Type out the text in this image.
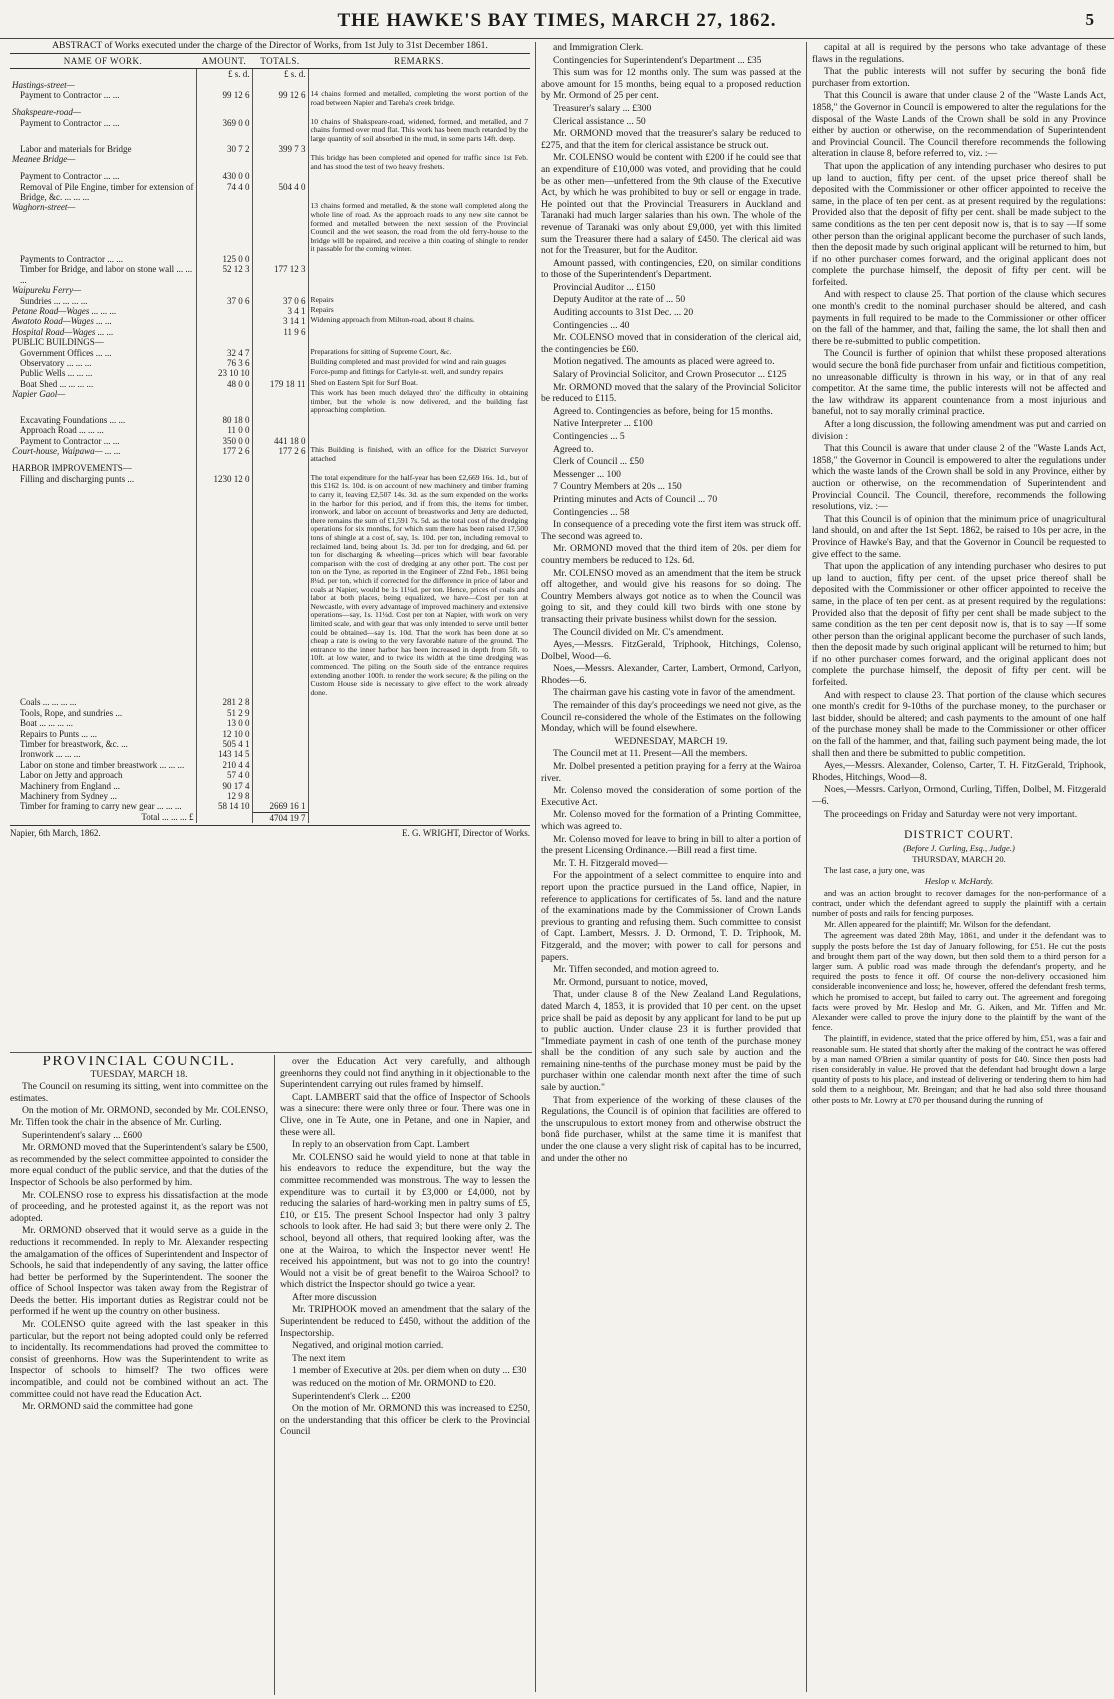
THE HAWKE'S BAY TIMES, MARCH 27, 1862.	5
ABSTRACT of Works executed under the charge of the Director of Works, from 1st July to 31st December 1861.
NAME OF WORK.	AMOUNT.	TOTALS.	REMARKS.
	£ s. d.	£ s. d.	
Hastings-street—			
Payment to Contractor ... ...	99 12 6	99 12 6	14 chains formed and metalled, completing the worst portion of the road between Napier and Tareha's creek bridge.
Shakspeare-road—			
Payment to Contractor ... ...	369 0 0		10 chains of Shakspeare-road, widened, formed, and metalled, and 7 chains formed over mud flat. This work has been much retarded by the large quantity of soil absorbed in the mud, in some parts 14ft. deep.
Labor and materials for Bridge	30 7 2	399 7 3	
Meanee Bridge—			This bridge has been completed and opened for traffic since 1st Feb. and has stood the test of two heavy freshets.
Payment to Contractor ... ...	430 0 0		
Removal of Pile Engine, timber for extension of Bridge, &c. ... ... ...	74 4 0	504 4 0	
Waghorn-street—			13 chains formed and metalled, & the stone wall completed along the whole line of road. As the approach roads to any new site cannot be formed and metalled between the next session of the Provincial Council and the wet season, the road from the old ferry-house to the bridge will be repaired, and receive a thin coating of shingle to render it passable for the coming winter.
Payments to Contractor ... ...	125 0 0		
Timber for Bridge, and labor on stone wall ... ... ...	52 12 3	177 12 3	
Waipureku Ferry—			
Sundries ... ... ... ...	37 0 6	37 0 6	Repairs
Petane Road—Wages ... ... ...		3 4 1	Repairs
Awatoto Road—Wages ... ...		3 14 1	Widening approach from Milton-road, about 8 chains.
Hospital Road—Wages ... ...		11 9 6	
PUBLIC BUILDINGS—			
Government Offices ... ...	32 4 7		Preparations for sitting of Supreme Court, &c.
Observatory ... ... ...	76 3 6		Building completed and mast provided for wind and rain guages
Public Wells ... ... ...	23 10 10		Force-pump and fittings for Carlyle-st. well, and sundry repairs
Boat Shed ... ... ... ...	48 0 0	179 18 11	Shed on Eastern Spit for Surf Boat.
Napier Gaol—			This work has been much delayed thro' the difficulty in obtaining timber, but the whole is now delivered, and the building fast approaching completion.
Excavating Foundations ... ...	80 18 0		
Approach Road ... ... ...	11 0 0		
Payment to Contractor ... ...	350 0 0	441 18 0	
Court-house, Waipawa— ... ...	177 2 6	177 2 6	This Building is finished, with an office for the District Surveyor attached
HARBOR IMPROVEMENTS—			
Filling and discharging punts ...	1230 12 0		The total expenditure for the half-year has been £2,669 16s. 1d., but of this £162 1s. 10d. is on account of new machinery and timber framing to carry it, leaving £2,507 14s. 3d. as the sum expended on the works in the harbor for this period, and if from this, the items for timber, ironwork, and labor on account of breastworks and Jetty are deducted, there remains the sum of £1,591 7s. 5d. as the total cost of the dredging operations for six months, for which sum there has been raised 17,500 tons of shingle at a cost of, say, 1s. 10d. per ton, including removal to reclaimed land, being about 1s. 3d. per ton for dredging, and 6d. per ton for discharging & wheeling—prices which will bear favorable comparison with the cost of dredging at any other port. The cost per ton on the Tyne, as reported in the Engineer of 22nd Feb., 1861 being 8¼d. per ton, which if corrected for the difference in price of labor and coals at Napier, would be 1s 11¼d. per ton. Hence, prices of coals and labor at both places, being equalized, we have—Cost per ton at Newcastle, with every advantage of improved machinery and extensive operations—say, 1s. 11¼d. Cost per ton at Napier, with work on very limited scale, and with gear that was only intended to serve until better could be obtained—say 1s. 10d. That the work has been done at so cheap a rate is owing to the very favorable nature of the ground. The entrance to the inner harbor has been increased in depth from 5ft. to 10ft. at low water, and to twice its width at the time dredging was commenced. The piling on the South side of the entrance requires extending another 100ft. to render the work secure; & the piling on the Custom House side is necessary to give effect to the work already done.
Coals ... ... ... ...	281 2 8		
Tools, Rope, and sundries ...	51 2 9		
Boat ... ... ... ...	13 0 0		
Repairs to Punts ... ...	12 10 0		
Timber for breastwork, &c. ...	505 4 1		
Ironwork ... ... ...	143 14 5		
Labor on stone and timber breastwork ... ... ...	210 4 4		
Labor on Jetty and approach	57 4 0		
Machinery from England ...	90 17 4		
Machinery from Sydney ...	12 9 8		
Timber for framing to carry new gear ... ... ...	58 14 10	2669 16 1	
Total ... ... ... £		4704 19 7	
Napier, 6th March, 1862.	E. G. WRIGHT, Director of Works.

PROVINCIAL COUNCIL.

TUESDAY, MARCH 18.

The Council on resuming its sitting, went into committee on the estimates.

On the motion of Mr. ORMOND, seconded by Mr. COLENSO, Mr. Tiffen took the chair in the absence of Mr. Curling.

Superintendent's salary ... £600

Mr. ORMOND moved that the Superintendent's salary be £500, as recommended by the select committee appointed to consider the more equal conduct of the public service, and that the duties of the Inspector of Schools be also performed by him.

Mr. COLENSO rose to express his dissatisfaction at the mode of proceeding, and he protested against it, as the report was not adopted.

Mr. ORMOND observed that it would serve as a guide in the reductions it recommended. In reply to Mr. Alexander respecting the amalgamation of the offices of Superintendent and Inspector of Schools, he said that independently of any saving, the latter office had better be performed by the Superintendent. The sooner the office of School Inspector was taken away from the Registrar of Deeds the better. His important duties as Registrar could not be performed if he went up the country on other business.

Mr. COLENSO quite agreed with the last speaker in this particular, but the report not being adopted could only be referred to incidentally. Its recommendations had proved the committee to consist of greenhorns. How was the Superintendent to write as Inspector of schools to himself? The two offices were incompatible, and could not be combined without an act. The committee could not have read the Education Act.

Mr. ORMOND said the committee had gone

over the Education Act very carefully, and although greenhorns they could not find anything in it objectionable to the Superintendent carrying out rules framed by himself.

Capt. LAMBERT said that the office of Inspector of Schools was a sinecure: there were only three or four. There was one in Clive, one in Te Aute, one in Petane, and one in Napier, and these were all.

In reply to an observation from Capt. Lambert

Mr. COLENSO said he would yield to none at that table in his endeavors to reduce the expenditure, but the way the committee recommended was monstrous. The way to lessen the expenditure was to curtail it by £3,000 or £4,000, not by reducing the salaries of hard-working men in paltry sums of £5, £10, or £15. The present School Inspector had only 3 paltry schools to look after. He had said 3; but there were only 2. The school, beyond all others, that required looking after, was the one at the Wairoa, to which the Inspector never went! He received his appointment, but was not to go into the country! Would not a visit be of great benefit to the Wairoa School? to which district the Inspector should go twice a year.

After more discussion

Mr. TRIPHOOK moved an amendment that the salary of the Superintendent be reduced to £450, without the addition of the Inspectorship.

Negatived, and original motion carried.

The next item

1 member of Executive at 20s. per diem when on duty ... £30

was reduced on the motion of Mr. ORMOND to £20.

Superintendent's Clerk ... £200

On the motion of Mr. ORMOND this was increased to £250, on the understanding that this officer be clerk to the Provincial Council

and Immigration Clerk.

Contingencies for Superintendent's Department ... £35

This sum was for 12 months only. The sum was passed at the above amount for 15 months, being equal to a proposed reduction by Mr. Ormond of 25 per cent.

Treasurer's salary ... £300

Clerical assistance ... 50

Mr. ORMOND moved that the treasurer's salary be reduced to £275, and that the item for clerical assistance be struck out.

Mr. COLENSO would be content with £200 if he could see that an expenditure of £10,000 was voted, and providing that he could be as other men—unfettered from the 9th clause of the Executive Act, by which he was prohibited to buy or sell or engage in trade. He pointed out that the Provincial Treasurers in Auckland and Taranaki had much larger salaries than his own. The whole of the revenue of Taranaki was only about £9,000, yet with this limited sum the Treasurer there had a salary of £450. The clerical aid was not for the Treasurer, but for the Auditor.

Amount passed, with contingencies, £20, on similar conditions to those of the Superintendent's Department.

Provincial Auditor ... £150

Deputy Auditor at the rate of ... 50

Auditing accounts to 31st Dec. ... 20

Contingencies ... 40

Mr. COLENSO moved that in consideration of the clerical aid, the contingencies be £60.

Motion negatived. The amounts as placed were agreed to.

Salary of Provincial Solicitor, and Crown Prosecutor ... £125

Mr. ORMOND moved that the salary of the Provincial Solicitor be reduced to £115.

Agreed to. Contingencies as before, being for 15 months.

Native Interpreter ... £100

Contingencies ... 5

Agreed to.

Clerk of Council ... £50

Messenger ... 100

7 Country Members at 20s ... 150

Printing minutes and Acts of Council ... 70

Contingencies ... 58

In consequence of a preceding vote the first item was struck off. The second was agreed to.

Mr. ORMOND moved that the third item of 20s. per diem for country members be reduced to 12s. 6d.

Mr. COLENSO moved as an amendment that the item be struck off altogether, and would give his reasons for so doing. The Country Members always got notice as to when the Council was going to sit, and they could kill two birds with one stone by transacting their private business whilst down for the session.

The Council divided on Mr. C's amendment.

Ayes,—Messrs. FitzGerald, Triphook, Hitchings, Colenso, Dolbel, Wood—6.

Noes,—Messrs. Alexander, Carter, Lambert, Ormond, Carlyon, Rhodes—6.

The chairman gave his casting vote in favor of the amendment.

The remainder of this day's proceedings we need not give, as the Council re-considered the whole of the Estimates on the following Monday, which will be found elsewhere.

WEDNESDAY, MARCH 19.

The Council met at 11. Present—All the members.

Mr. Dolbel presented a petition praying for a ferry at the Wairoa river.

Mr. Colenso moved the consideration of some portion of the Executive Act.

Mr. Colenso moved for the formation of a Printing Committee, which was agreed to.

Mr. Colenso moved for leave to bring in bill to alter a portion of the present Licensing Ordinance.—Bill read a first time.

Mr. T. H. Fitzgerald moved—

For the appointment of a select committee to enquire into and report upon the practice pursued in the Land office, Napier, in reference to applications for certificates of 5s. land and the nature of the examinations made by the Commissioner of Crown Lands previous to granting and refusing them. Such committee to consist of Capt. Lambert, Messrs. J. D. Ormond, T. D. Triphook, M. Fitzgerald, and the mover; with power to call for persons and papers.

Mr. Tiffen seconded, and motion agreed to.

Mr. Ormond, pursuant to notice, moved,

That, under clause 8 of the New Zealand Land Regulations, dated March 4, 1853, it is provided that 10 per cent. on the upset price shall be paid as deposit by any applicant for land to be put up to public auction. Under clause 23 it is further provided that "Immediate payment in cash of one tenth of the purchase money shall be the condition of any such sale by auction and the remaining nine-tenths of the purchase money must be paid by the purchaser within one calendar month next after the time of such sale by auction."

That from experience of the working of these clauses of the Regulations, the Council is of opinion that facilities are offered to the unscrupulous to extort money from and otherwise obstruct the bonâ fide purchaser, whilst at the same time it is manifest that under the one clause a very slight risk of capital has to be incurred, and under the other no

capital at all is required by the persons who take advantage of these flaws in the regulations.

That the public interests will not suffer by securing the bonâ fide purchaser from extortion.

That this Council is aware that under clause 2 of the "Waste Lands Act, 1858," the Governor in Council is empowered to alter the regulations for the disposal of the Waste Lands of the Crown shall be sold in any Province either by auction or otherwise, on the recommendation of Superintendent and Provincial Council. The Council therefore recommends the following alteration in clause 8, before referred to, viz. :—

That upon the application of any intending purchaser who desires to put up land to auction, fifty per cent. of the upset price thereof shall be deposited with the Commissioner or other officer appointed to receive the same, in the place of ten per cent. as at present required by the regulations: Provided also that the deposit of fifty per cent. shall be made subject to the same conditions as the ten per cent deposit now is, that is to say —If some other person than the original applicant become the purchaser of such lands, then the deposit made by such original applicant will be returned to him, but if no other purchaser comes forward, and the original applicant does not complete the purchase himself, the deposit of fifty per cent. will be forfeited.

And with respect to clause 25. That portion of the clause which secures one month's credit to the nominal purchaser should be altered, and cash payments in full required to be made to the Commissioner or other officer on the fall of the hammer, and that, failing the same, the lot shall then and there be re-submitted to public competition.

The Council is further of opinion that whilst these proposed alterations would secure the bonâ fide purchaser from unfair and fictitious competition, no unreasonable difficulty is thrown in his way, or in that of any real competitor. At the same time, the public interests will not be affected and the law withdraw its apparent countenance from a most injurious and baneful, not to say morally criminal practice.

After a long discussion, the following amendment was put and carried on division :

That this Council is aware that under clause 2 of the "Waste Lands Act, 1858," the Governor in Council is empowered to alter the regulations under which the waste lands of the Crown shall be sold in any Province, either by auction or otherwise, on the recommendation of Superintendent and Provincial Council. The Council, therefore, recommends the following resolutions, viz. :—

That this Council is of opinion that the minimum price of unagricultural land should, on and after the 1st Sept. 1862, be raised to 10s per acre, in the Province of Hawke's Bay, and that the Governor in Council be requested to give effect to the same.

That upon the application of any intending purchaser who desires to put up land to auction, fifty per cent. of the upset price thereof shall be deposited with the Commissioner or other officer appointed to receive the same, in the place of ten per cent. as at present required by the regulations: Provided also that the deposit of fifty per cent shall be made subject to the same condition as the ten per cent deposit now is, that is to say —If some other person than the original applicant become the purchaser of such lands, then the deposit made by such original applicant will be returned to him; but if no other purchaser comes forward, and the original applicant does not complete the purchase himself, the deposit of fifty per cent. will be forfeited.

And with respect to clause 23. That portion of the clause which secures one month's credit for 9-10ths of the purchase money, to the purchaser or last bidder, should be altered; and cash payments to the amount of one half of the purchase money shall be made to the Commissioner or other officer on the fall of the hammer, and that, failing such payment being made, the lot shall then and there be submitted to public competition.

Ayes,—Messrs. Alexander, Colenso, Carter, T. H. FitzGerald, Triphook, Rhodes, Hitchings, Wood—8.

Noes,—Messrs. Carlyon, Ormond, Curling, Tiffen, Dolbel, M. Fitzgerald—6.

The proceedings on Friday and Saturday were not very important.

DISTRICT COURT.

(Before J. Curling, Esq., Judge.)

THURSDAY, MARCH 20.

The last case, a jury one, was

Heslop v. McHardy.

and was an action brought to recover damages for the non-performance of a contract, under which the defendant agreed to supply the plaintiff with a certain number of posts and rails for fencing purposes.

Mr. Allen appeared for the plaintiff; Mr. Wilson for the defendant.

The agreement was dated 28th May, 1861, and under it the defendant was to supply the posts before the 1st day of January following, for £51. He cut the posts and brought them part of the way down, but then sold them to a third person for a larger sum. A public road was made through the defendant's property, and he required the posts to fence it off. Of course the non-delivery occasioned him considerable inconvenience and loss; he, however, offered the defendant fresh terms, which he promised to accept, but failed to carry out. The agreement and foregoing facts were proved by Mr. Heslop and Mr. G. Aiken, and Mr. Tiffen and Mr. Alexander were called to prove the injury done to the plaintiff by the want of the fence.

The plaintiff, in evidence, stated that the price offered by him, £51, was a fair and reasonable sum. He stated that shortly after the making of the contract he was offered by a man named O'Brien a similar quantity of posts for £40. Since then posts had risen considerably in value. He proved that the defendant had brought down a large quantity of posts to his place, and instead of delivering or tendering them to him had sold them to a neighbour, Mr. Breingan; and that he had also sold three thousand other posts to Mr. Lowry at £70 per thousand during the running of
